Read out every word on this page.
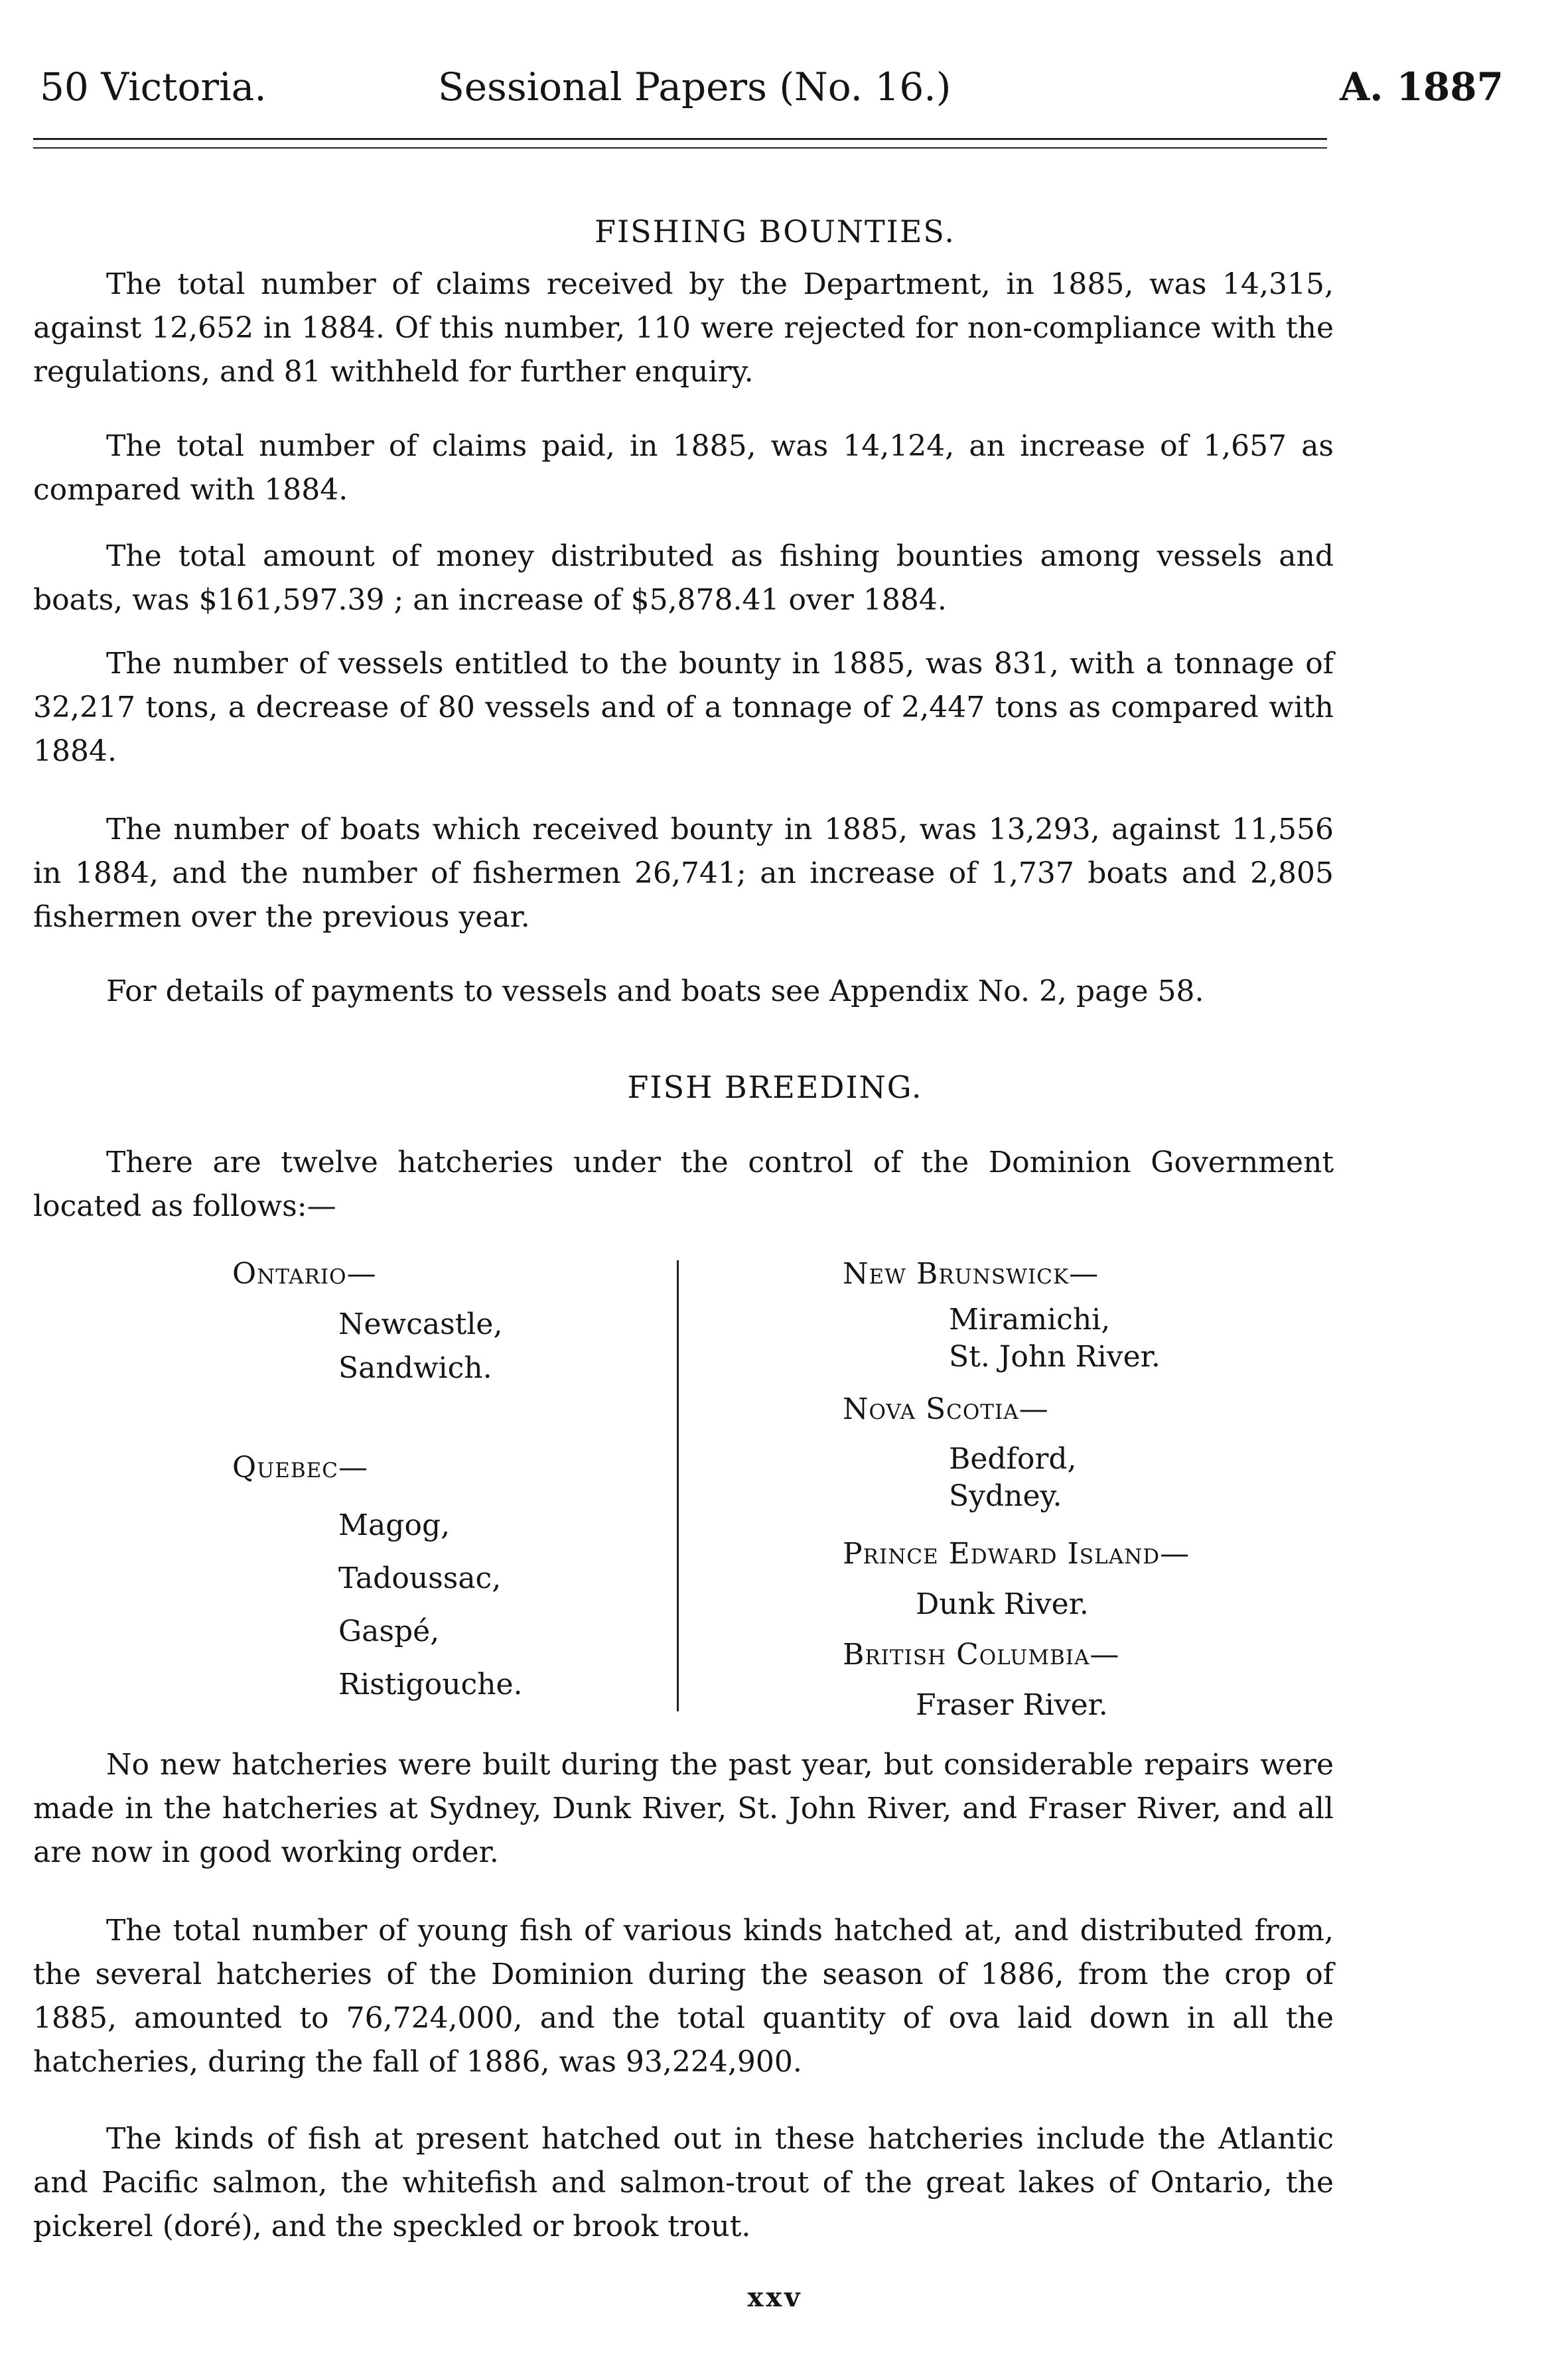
50 Victoria.	Sessional Papers (No. 16.)	A. 1887
FISHING BOUNTIES.

The total number of claims received by the Department, in 1885, was 14,315, against 12,652 in 1884. Of this number, 110 were rejected for non-compliance with the regulations, and 81 withheld for further enquiry.

The total number of claims paid, in 1885, was 14,124, an increase of 1,657 as compared with 1884.

The total amount of money distributed as fishing bounties among vessels and boats, was $161,597.39 ; an increase of $5,878.41 over 1884.

The number of vessels entitled to the bounty in 1885, was 831, with a tonnage of 32,217 tons, a decrease of 80 vessels and of a tonnage of 2,447 tons as compared with 1884.

The number of boats which received bounty in 1885, was 13,293, against 11,556 in 1884, and the number of fishermen 26,741; an increase of 1,737 boats and 2,805 fishermen over the previous year.

For details of payments to vessels and boats see Appendix No. 2, page 58.

FISH BREEDING.

There are twelve hatcheries under the control of the Dominion Government located as follows:—

Ontario—
Newcastle,
Sandwich.
Quebec—
Magog,
Tadoussac,
Gaspé,
Ristigouche.
New Brunswick—
Miramichi,
St. John River.
Nova Scotia—
Bedford,
Sydney.
Prince Edward Island—
Dunk River.
British Columbia—
Fraser River.

No new hatcheries were built during the past year, but considerable repairs were made in the hatcheries at Sydney, Dunk River, St. John River, and Fraser River, and all are now in good working order.

The total number of young fish of various kinds hatched at, and distributed from, the several hatcheries of the Dominion during the season of 1886, from the crop of 1885, amounted to 76,724,000, and the total quantity of ova laid down in all the hatcheries, during the fall of 1886, was 93,224,900.

The kinds of fish at present hatched out in these hatcheries include the Atlantic and Pacific salmon, the whitefish and salmon-trout of the great lakes of Ontario, the pickerel (doré), and the speckled or brook trout.

xxv
